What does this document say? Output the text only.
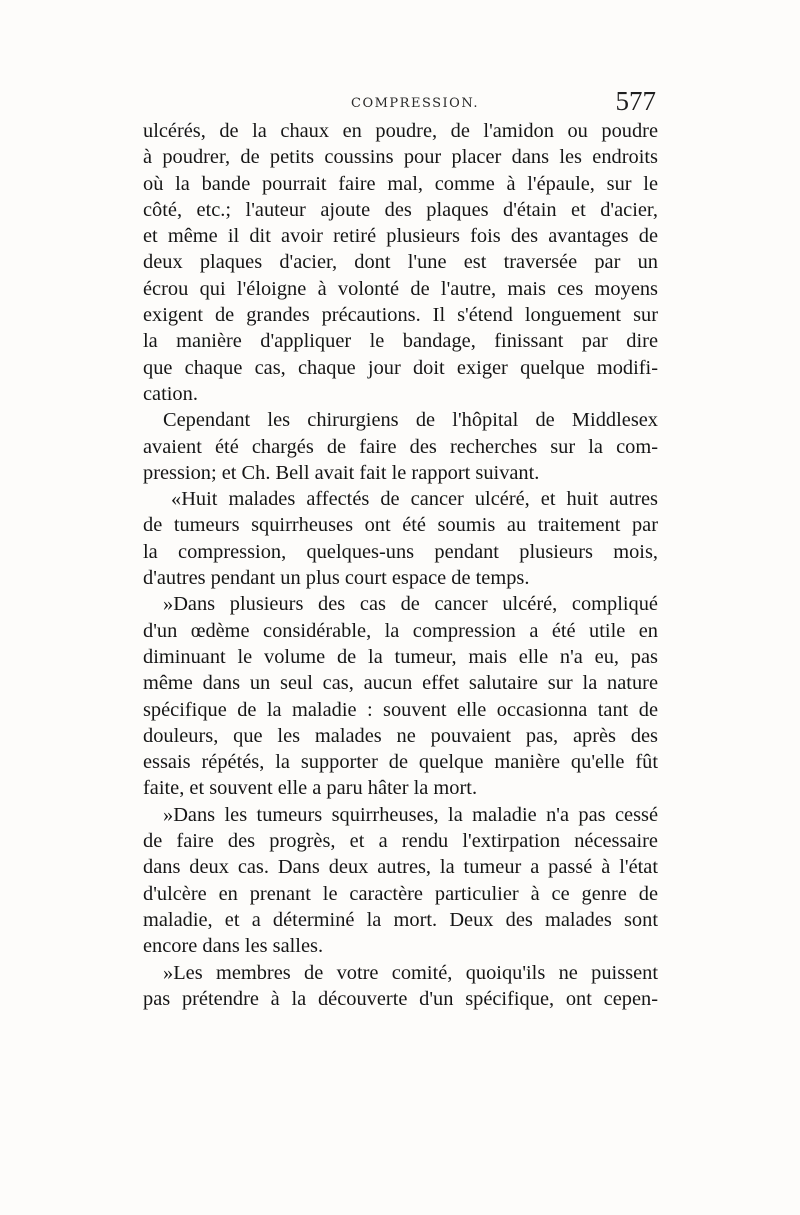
COMPRESSION.	577
ulcérés, de la chaux en poudre, de l'amidon ou poudre
à poudrer, de petits coussins pour placer dans les endroits
où la bande pourrait faire mal, comme à l'épaule, sur le
côté, etc.; l'auteur ajoute des plaques d'étain et d'acier,
et même il dit avoir retiré plusieurs fois des avantages de
deux plaques d'acier, dont l'une est traversée par un
écrou qui l'éloigne à volonté de l'autre, mais ces moyens
exigent de grandes précautions. Il s'étend longuement sur
la manière d'appliquer le bandage, finissant par dire
que chaque cas, chaque jour doit exiger quelque modifi-
cation.
Cependant les chirurgiens de l'hôpital de Middlesex
avaient été chargés de faire des recherches sur la com-
pression; et Ch. Bell avait fait le rapport suivant.
«Huit malades affectés de cancer ulcéré, et huit autres
de tumeurs squirrheuses ont été soumis au traitement par
la compression, quelques-uns pendant plusieurs mois,
d'autres pendant un plus court espace de temps.
»Dans plusieurs des cas de cancer ulcéré, compliqué
d'un œdème considérable, la compression a été utile en
diminuant le volume de la tumeur, mais elle n'a eu, pas
même dans un seul cas, aucun effet salutaire sur la nature
spécifique de la maladie : souvent elle occasionna tant de
douleurs, que les malades ne pouvaient pas, après des
essais répétés, la supporter de quelque manière qu'elle fût
faite, et souvent elle a paru hâter la mort.
»Dans les tumeurs squirrheuses, la maladie n'a pas cessé
de faire des progrès, et a rendu l'extirpation nécessaire
dans deux cas. Dans deux autres, la tumeur a passé à l'état
d'ulcère en prenant le caractère particulier à ce genre de
maladie, et a déterminé la mort. Deux des malades sont
encore dans les salles.
»Les membres de votre comité, quoiqu'ils ne puissent
pas prétendre à la découverte d'un spécifique, ont cepen-
